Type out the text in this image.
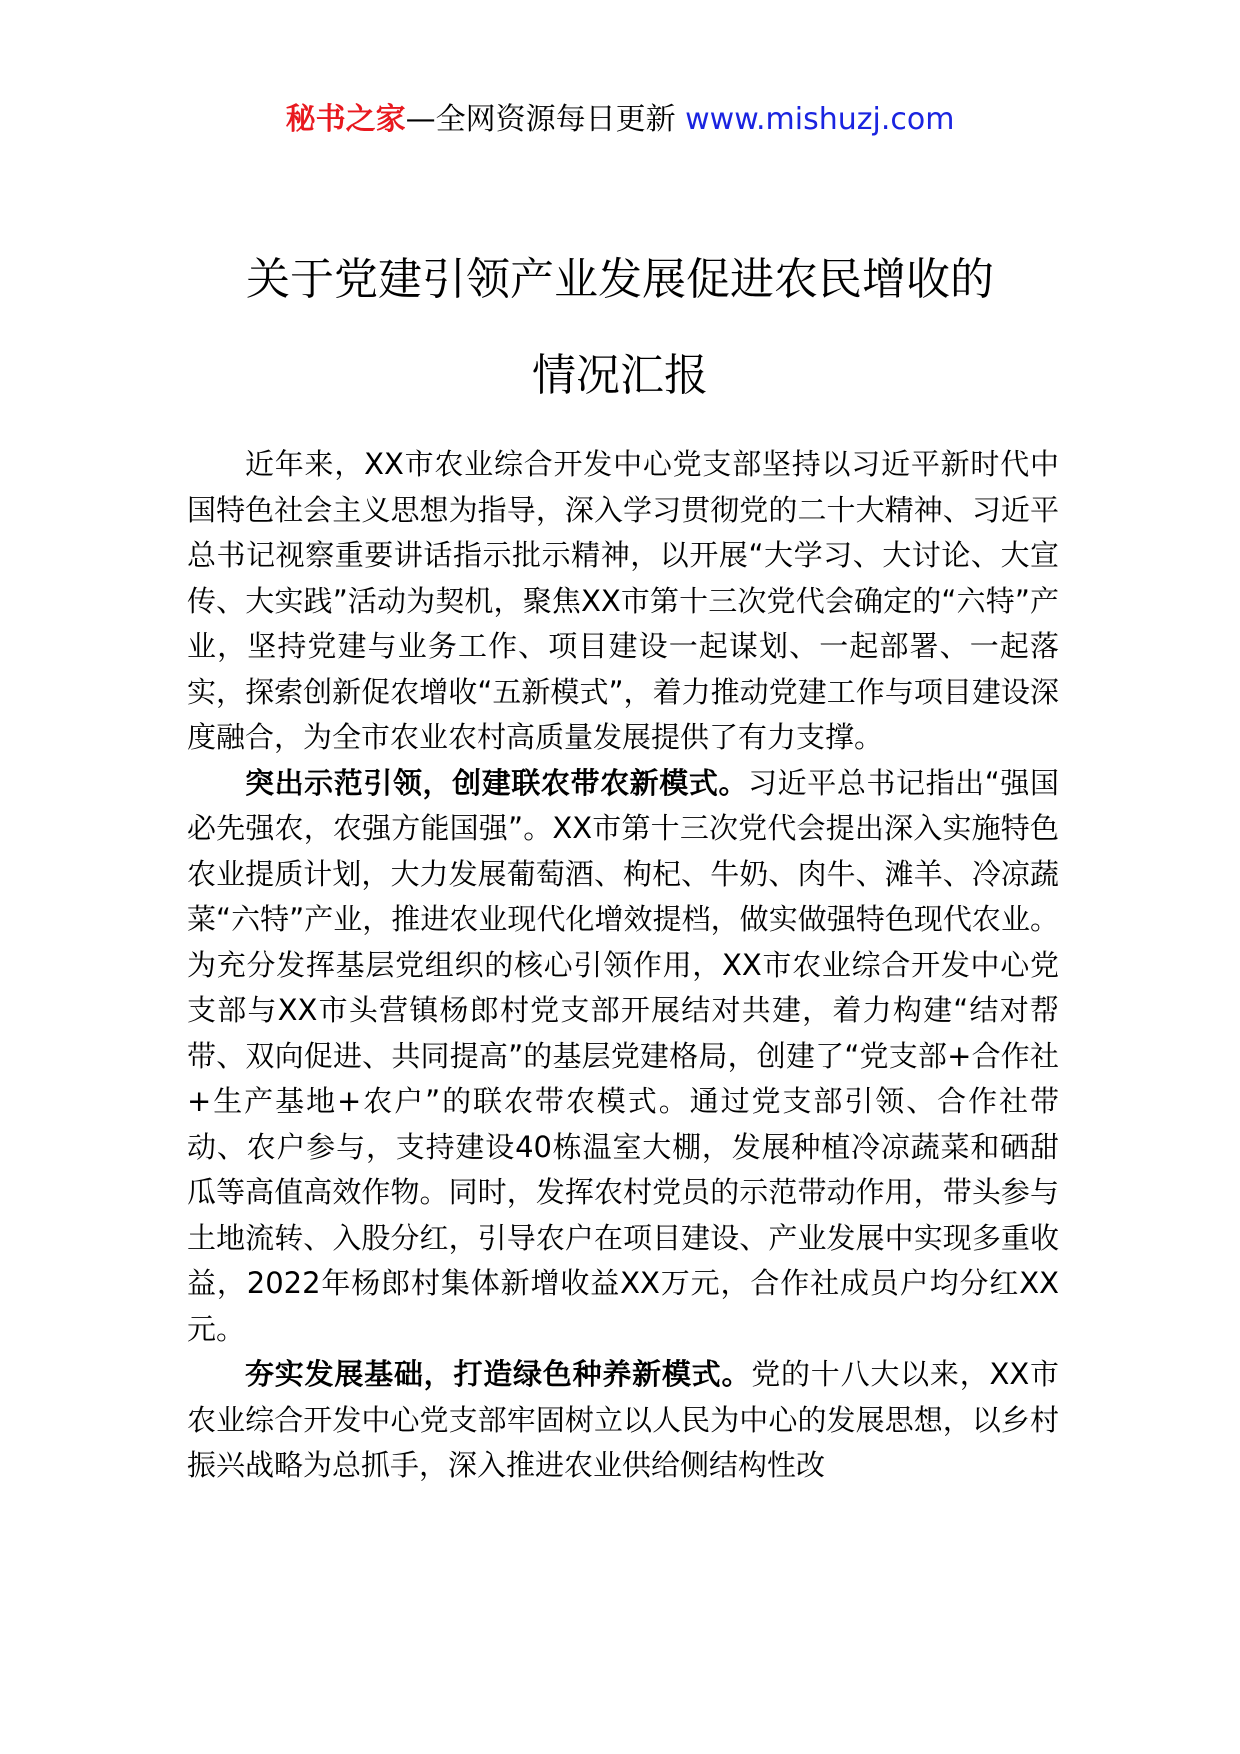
秘书之家—全网资源每日更新 www.mishuzj.com
关于党建引领产业发展促进农民增收的
情况汇报

近年来，XX市农业综合开发中心党支部坚持以习近平新时代中国特色社会主义思想为指导，深入学习贯彻党的二十大精神、习近平总书记视察重要讲话指示批示精神，以开展“大学习、大讨论、大宣传、大实践”活动为契机，聚焦XX市第十三次党代会确定的“六特”产业，坚持党建与业务工作、项目建设一起谋划、一起部署、一起落实，探索创新促农增收“五新模式”，着力推动党建工作与项目建设深度融合，为全市农业农村高质量发展提供了有力支撑。

突出示范引领，创建联农带农新模式。习近平总书记指出“强国必先强农，农强方能国强”。XX市第十三次党代会提出深入实施特色农业提质计划，大力发展葡萄酒、枸杞、牛奶、肉牛、滩羊、冷凉蔬菜“六特”产业，推进农业现代化增效提档，做实做强特色现代农业。为充分发挥基层党组织的核心引领作用，XX市农业综合开发中心党支部与XX市头营镇杨郎村党支部开展结对共建，着力构建“结对帮带、双向促进、共同提高”的基层党建格局，创建了“党支部+合作社+生产基地+农户”的联农带农模式。通过党支部引领、合作社带动、农户参与，支持建设40栋温室大棚，发展种植冷凉蔬菜和硒甜瓜等高值高效作物。同时，发挥农村党员的示范带动作用，带头参与土地流转、入股分红，引导农户在项目建设、产业发展中实现多重收益，2022年杨郎村集体新增收益XX万元，合作社成员户均分红XX元。

夯实发展基础，打造绿色种养新模式。党的十八大以来，XX市农业综合开发中心党支部牢固树立以人民为中心的发展思想，以乡村振兴战略为总抓手，深入推进农业供给侧结构性改
